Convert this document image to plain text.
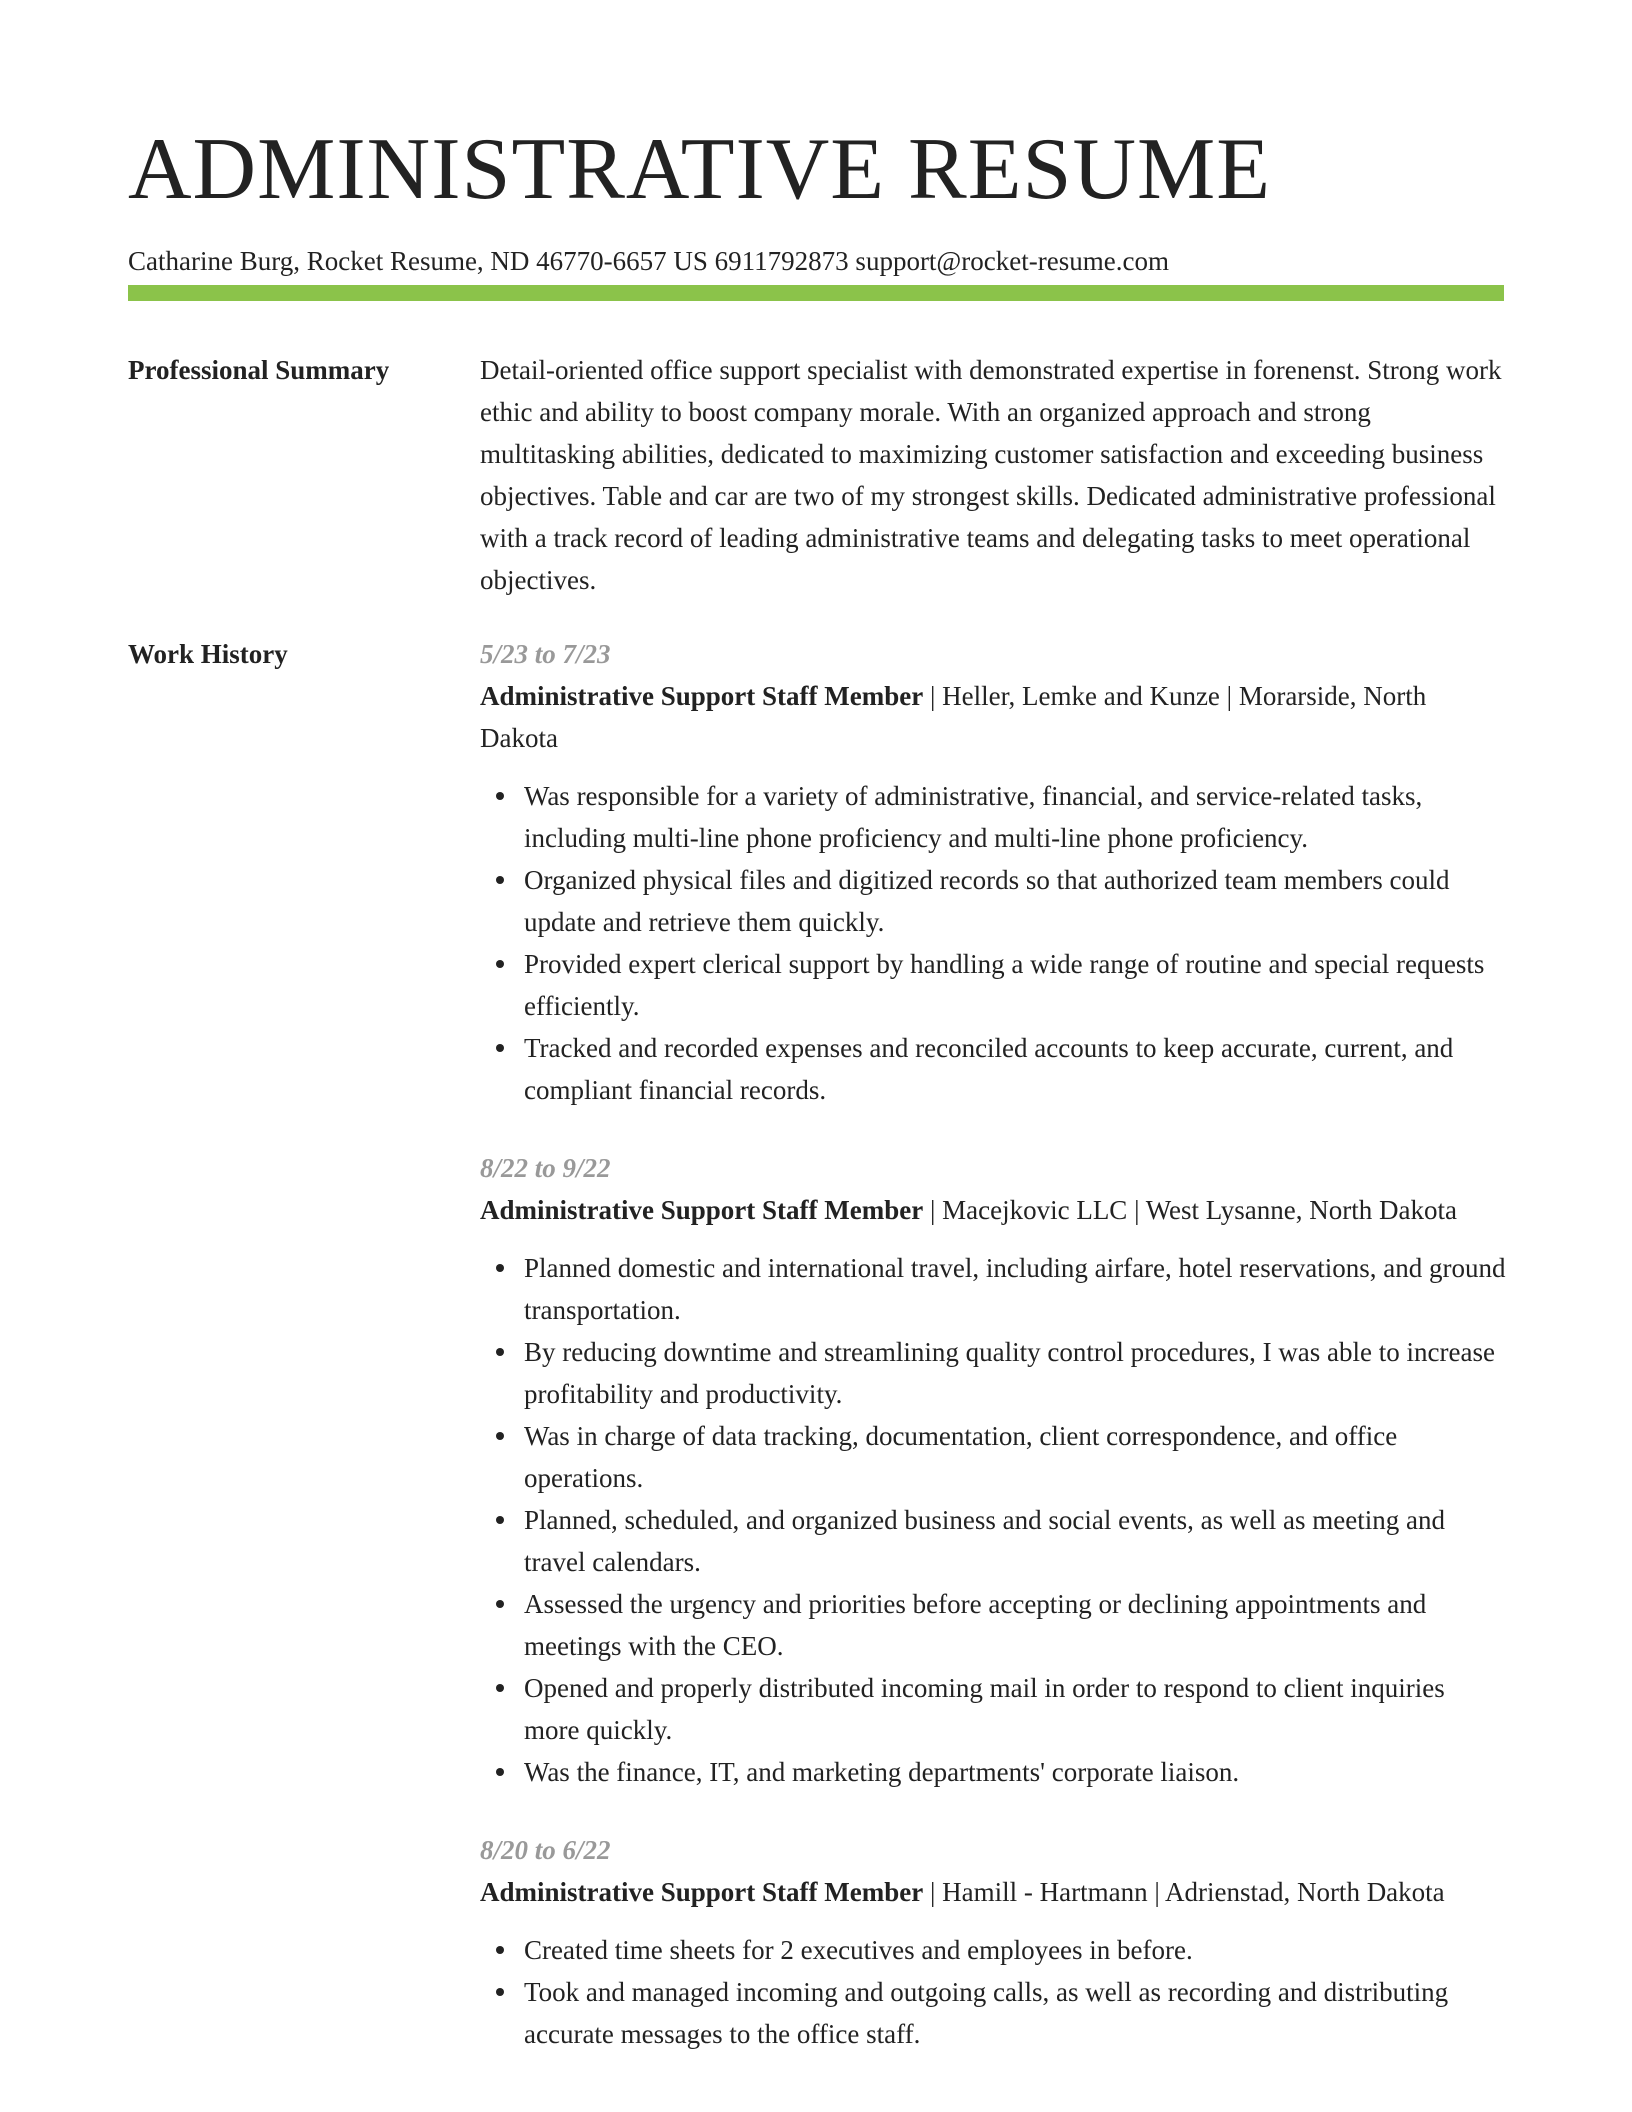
ADMINISTRATIVE RESUME
Catharine Burg, Rocket Resume, ND 46770-6657 US 6911792873 support@rocket-resume.com
Professional Summary	Detail-oriented office support specialist with demonstrated expertise in forenenst. Strong work ethic and ability to boost company morale. With an organized approach and strong multitasking abilities, dedicated to maximizing customer satisfaction and exceeding business objectives. Table and car are two of my strongest skills. Dedicated administrative professional with a track record of leading administrative teams and delegating tasks to meet operational objectives.

Work History	5/23 to 7/23

Administrative Support Staff Member | Heller, Lemke and Kunze | Morarside, North Dakota

Was responsible for a variety of administrative, financial, and service-related tasks, including multi-line phone proficiency and multi-line phone proficiency.
Organized physical files and digitized records so that authorized team members could update and retrieve them quickly.
Provided expert clerical support by handling a wide range of routine and special requests efficiently.
Tracked and recorded expenses and reconciled accounts to keep accurate, current, and compliant financial records.
8/22 to 9/22

Administrative Support Staff Member | Macejkovic LLC | West Lysanne, North Dakota

Planned domestic and international travel, including airfare, hotel reservations, and ground transportation.
By reducing downtime and streamlining quality control procedures, I was able to increase profitability and productivity.
Was in charge of data tracking, documentation, client correspondence, and office operations.
Planned, scheduled, and organized business and social events, as well as meeting and travel calendars.
Assessed the urgency and priorities before accepting or declining appointments and meetings with the CEO.
Opened and properly distributed incoming mail in order to respond to client inquiries more quickly.
Was the finance, IT, and marketing departments' corporate liaison.
8/20 to 6/22

Administrative Support Staff Member | Hamill - Hartmann | Adrienstad, North Dakota

Created time sheets for 2 executives and employees in before.
Took and managed incoming and outgoing calls, as well as recording and distributing accurate messages to the office staff.
